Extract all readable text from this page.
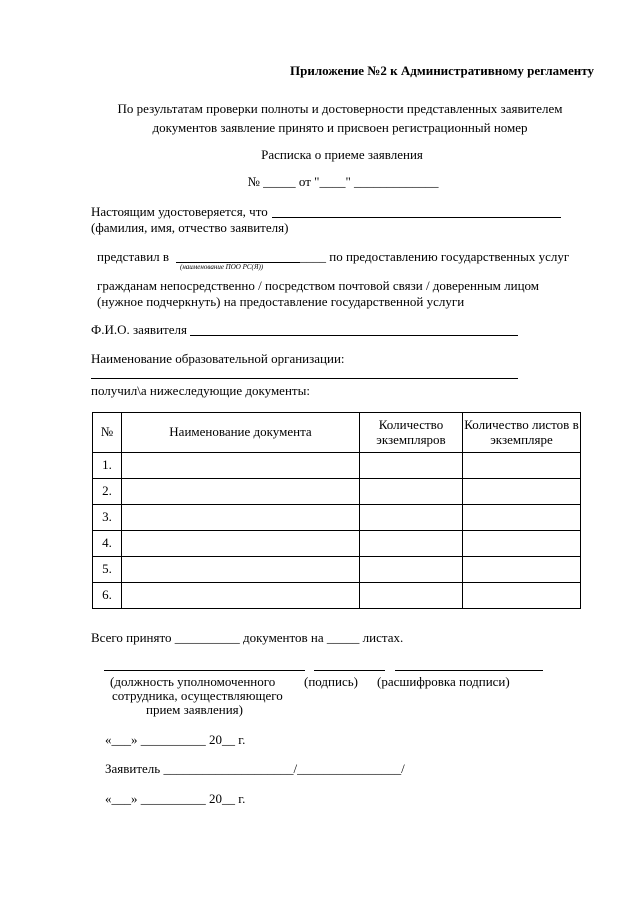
Приложение №2 к Административному регламенту
По результатам проверки полноты и достоверности представленных заявителем
документов заявление принято и присвоен регистрационный номер
Расписка о приеме заявления
№ _____ от "____" _____________
Настоящим удостоверяется, что
(фамилия, имя, отчество заявителя)
представил в	____ по предоставлению государственных услуг
(наименование ПОО РС(Я))
гражданам непосредственно / посредством почтовой связи / доверенным лицом
(нужное подчеркнуть) на предоставление государственной услуги
Ф.И.О. заявителя
Наименование образовательной организации:
получил\а нижеследующие документы:
№	Наименование документа	Количество экземпляров	Количество листов в экземпляре
1.			
2.			
3.			
4.			
5.			
6.			
Всего принято __________ документов на _____ листах.
(должность уполномоченного (подпись) (расшифровка подписи)
сотрудника, осуществляющего
прием заявления)
«___» __________ 20__ г.
Заявитель ____________________/________________/
«___» __________ 20__ г.
